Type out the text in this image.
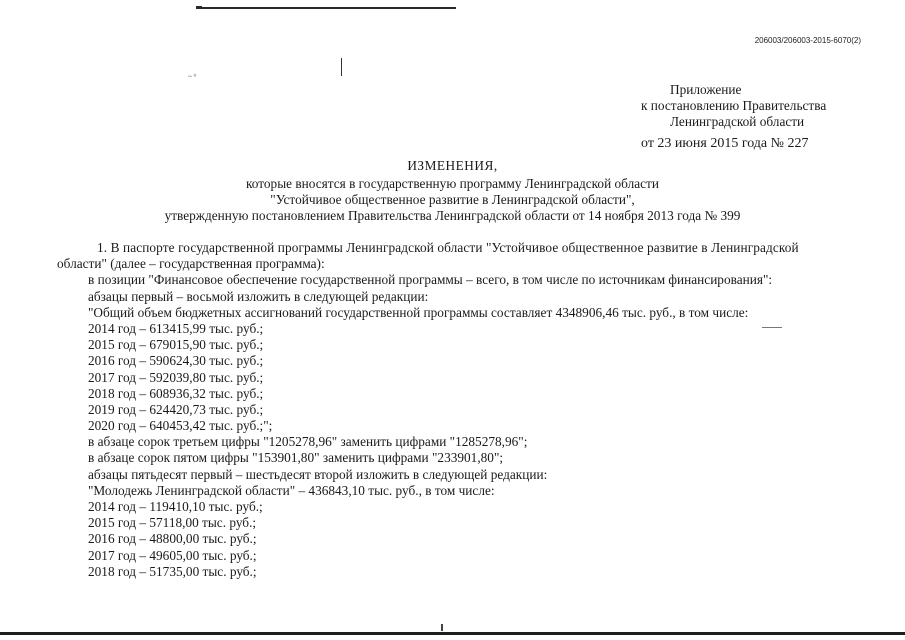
~ °
206003/206003-2015-6070(2)
Приложение
к постановлению Правительства
Ленинградской области
от 23 июня 2015 года № 227
ИЗМЕНЕНИЯ,
которые вносятся в государственную программу Ленинградской области
"Устойчивое общественное развитие в Ленинградской области",
утвержденную постановлением Правительства Ленинградской области от 14 ноября 2013 года № 399
1. В паспорте государственной программы Ленинградской области "Устойчивое общественное развитие в Ленинградской
области" (далее – государственная программа):
в позиции "Финансовое обеспечение государственной программы – всего, в том числе по источникам финансирования":
абзацы первый – восьмой изложить в следующей редакции:
"Общий объем бюджетных ассигнований государственной программы составляет 4348906,46 тыс. руб., в том числе:
2014 год – 613415,99 тыс. руб.;
2015 год – 679015,90 тыс. руб.;
2016 год – 590624,30 тыс. руб.;
2017 год – 592039,80 тыс. руб.;
2018 год – 608936,32 тыс. руб.;
2019 год – 624420,73 тыс. руб.;
2020 год – 640453,42 тыс. руб.;";
в абзаце сорок третьем цифры "1205278,96" заменить цифрами "1285278,96";
в абзаце сорок пятом цифры "153901,80" заменить цифрами "233901,80";
абзацы пятьдесят первый – шестьдесят второй изложить в следующей редакции:
"Молодежь Ленинградской области" – 436843,10 тыс. руб., в том числе:
2014 год – 119410,10 тыс. руб.;
2015 год – 57118,00 тыс. руб.;
2016 год – 48800,00 тыс. руб.;
2017 год – 49605,00 тыс. руб.;
2018 год – 51735,00 тыс. руб.;
